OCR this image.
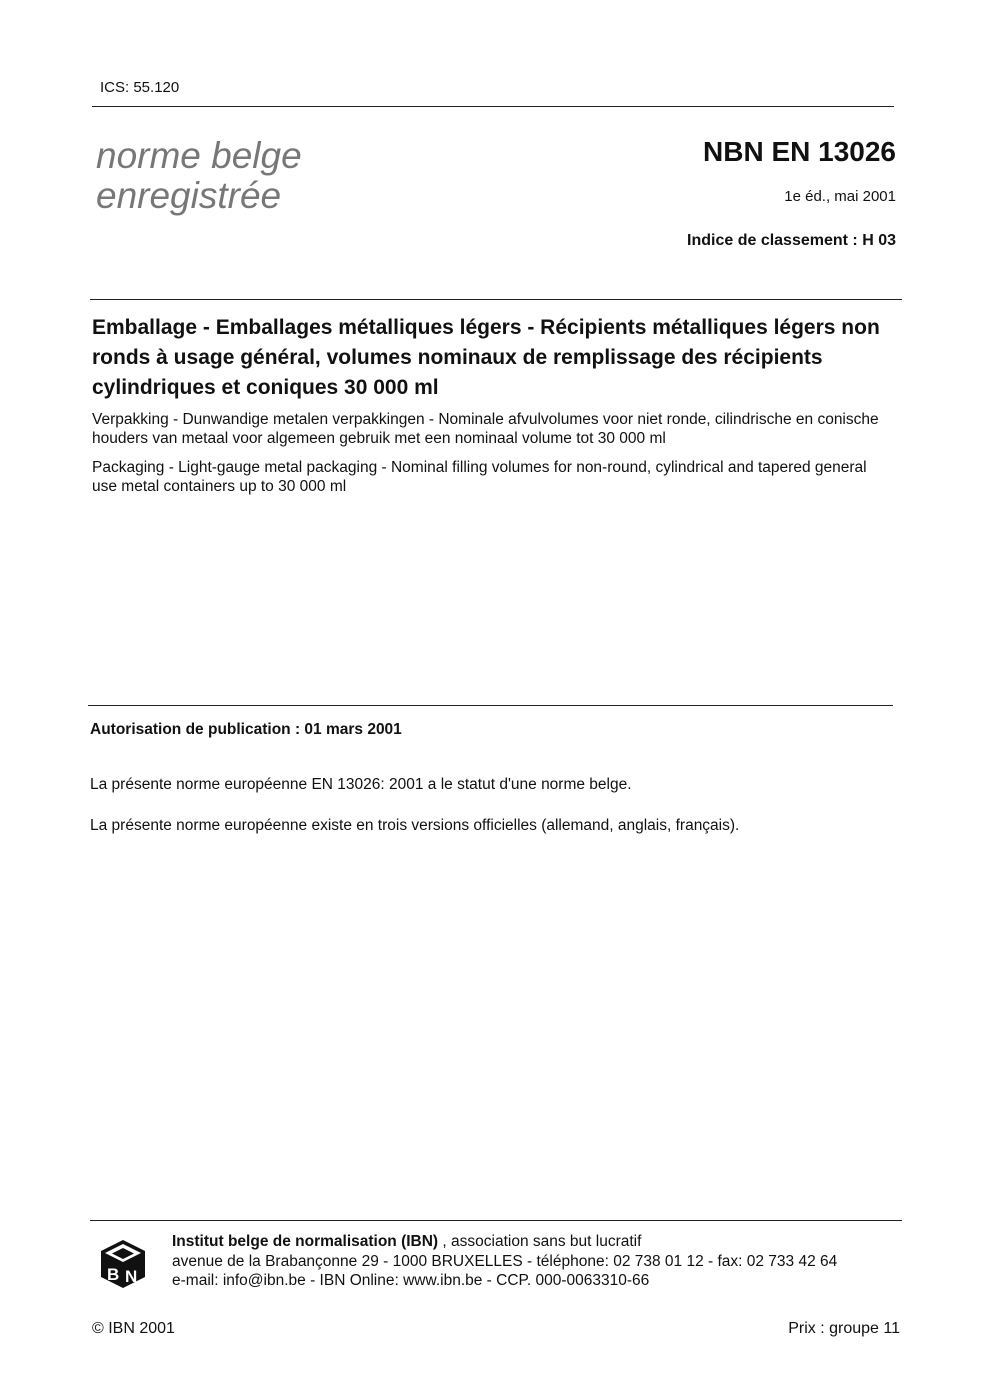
ICS: 55.120
norme belge
enregistrée
NBN EN 13026
1e éd., mai 2001
Indice de classement : H 03
Emballage - Emballages métalliques légers - Récipients métalliques légers non ronds à usage général, volumes nominaux de remplissage des récipients cylindriques et coniques 30 000 ml
Verpakking - Dunwandige metalen verpakkingen - Nominale afvulvolumes voor niet ronde, cilindrische en conische houders van metaal voor algemeen gebruik met een nominaal volume tot 30 000 ml
Packaging - Light-gauge metal packaging - Nominal filling volumes for non-round, cylindrical and tapered general use metal containers up to 30 000 ml
Autorisation de publication : 01 mars 2001
La présente norme européenne EN 13026: 2001 a le statut d'une norme belge.
La présente norme européenne existe en trois versions officielles (allemand, anglais, français).
B N
Institut belge de normalisation (IBN) , association sans but lucratif
avenue de la Brabançonne 29 - 1000 BRUXELLES - téléphone: 02 738 01 12 - fax: 02 733 42 64
e-mail: info@ibn.be - IBN Online: www.ibn.be - CCP. 000-0063310-66
© IBN 2001	Prix : groupe 11
